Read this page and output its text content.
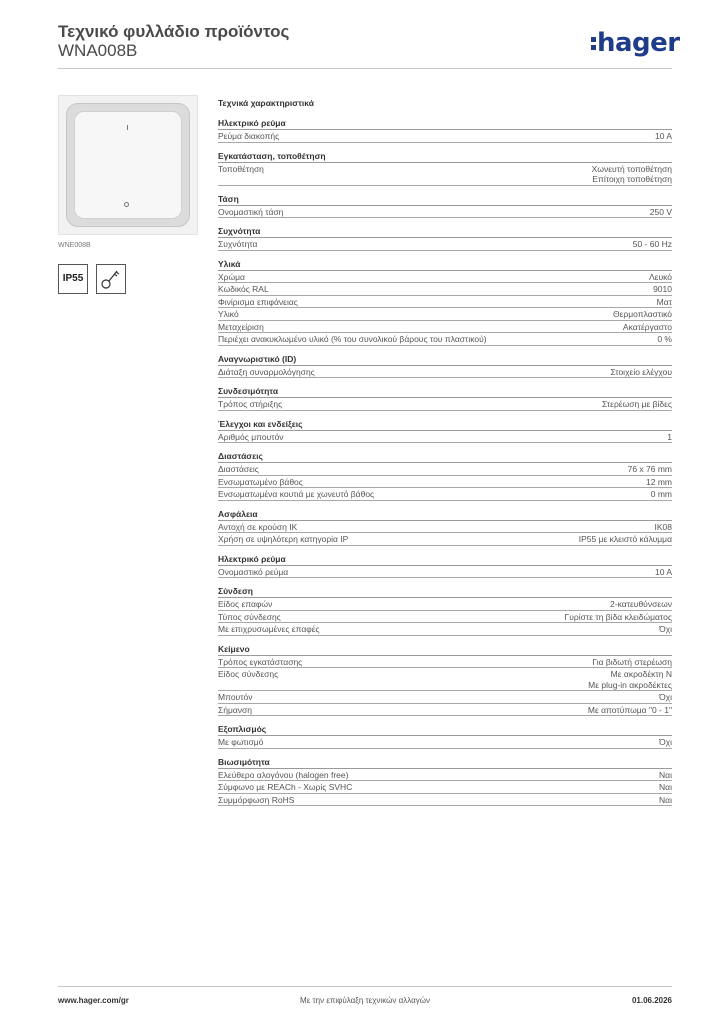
Τεχνικό φυλλάδιο προϊόντος
WNA008B	hager
WNE008B
IP55
Τεχνικά χαρακτηριστικά
Ηλεκτρικό ρεύμα
Ρεύμα διακοπής	10 A
Εγκατάσταση, τοποθέτηση
Τοποθέτηση	Χωνευτή τοποθέτηση
Επίτοιχη τοποθέτηση
Τάση
Ονομαστική τάση	250 V
Συχνότητα
Συχνότητα	50 - 60 Hz
Υλικά
Χρώμα	Λευκό
Κωδικός RAL	9010
Φινίρισμα επιφάνειας	Ματ
Υλικό	Θερμοπλαστικό
Μεταχείριση	Ακατέργαστο
Περιέχει ανακυκλωμένο υλικό (% του συνολικού βάρους του πλαστικού)	0 %
Αναγνωριστικό (ID)
Διάταξη συναρμολόγησης	Στοιχείο ελέγχου
Συνδεσιμότητα
Τρόπος στήριξης	Στερέωση με βίδες
Έλεγχοι και ενδείξεις
Αριθμός μπουτόν	1
Διαστάσεις
Διαστάσεις	76 x 76 mm
Ενσωματωμένο βάθος	12 mm
Ενσωματωμένα κουτιά με χωνευτό βάθος	0 mm
Ασφάλεια
Αντοχή σε κρούση IK	IK08
Χρήση σε υψηλότερη κατηγορία IP	IP55 με κλειστό κάλυμμα
Ηλεκτρικό ρεύμα
Ονομαστικό ρεύμα	10 A
Σύνδεση
Είδος επαφών	2-κατευθύνσεων
Τύπος σύνδεσης	Γυρίστε τη βίδα κλειδώματος
Με επιχρυσωμένες επαφές	Όχι
Κείμενο
Τρόπος εγκατάστασης	Για βιδωτή στερέωση
Είδος σύνδεσης	Με ακροδέκτη N
Με plug-in ακροδέκτες
Μπουτόν	Όχι
Σήμανση	Με αποτύπωμα "0 - 1"
Εξοπλισμός
Με φωτισμό	Όχι
Βιωσιμότητα
Ελεύθερο αλογόνου (halogen free)	Ναι
Σύμφωνο με REACh - Χωρίς SVHC	Ναι
Συμμόρφωση RoHS	Ναι
www.hager.com/gr	Με την επιφύλαξη τεχνικών αλλαγών	01.06.2026
